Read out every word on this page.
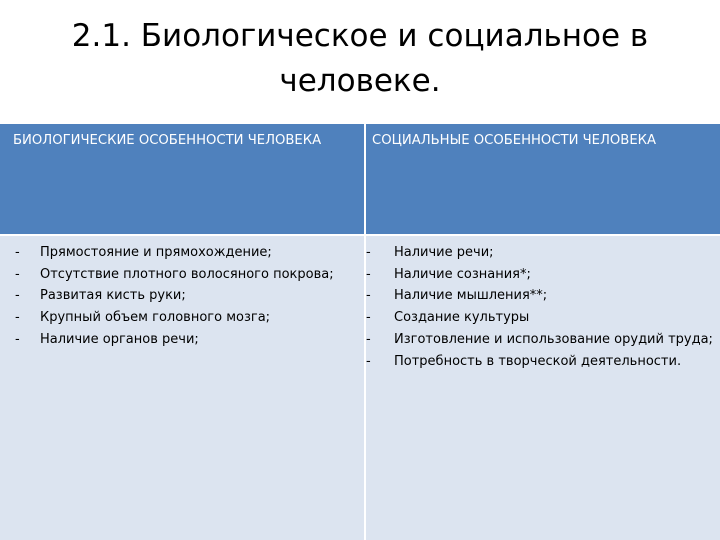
2.1. Биологическое и социальное в
человеке.
БИОЛОГИЧЕСКИЕ ОСОБЕННОСТИ ЧЕЛОВЕКА
- Прямостояние и прямохождение;
- Отсутствие плотного волосяного покрова;
- Развитая кисть руки;
- Крупный объем головного мозга;
- Наличие органов речи;
СОЦИАЛЬНЫЕ ОСОБЕННОСТИ ЧЕЛОВЕКА
- Наличие речи;
- Наличие сознания*;
- Наличие мышления**;
- Создание культуры
- Изготовление и использование орудий труда;
- Потребность в творческой деятельности.
